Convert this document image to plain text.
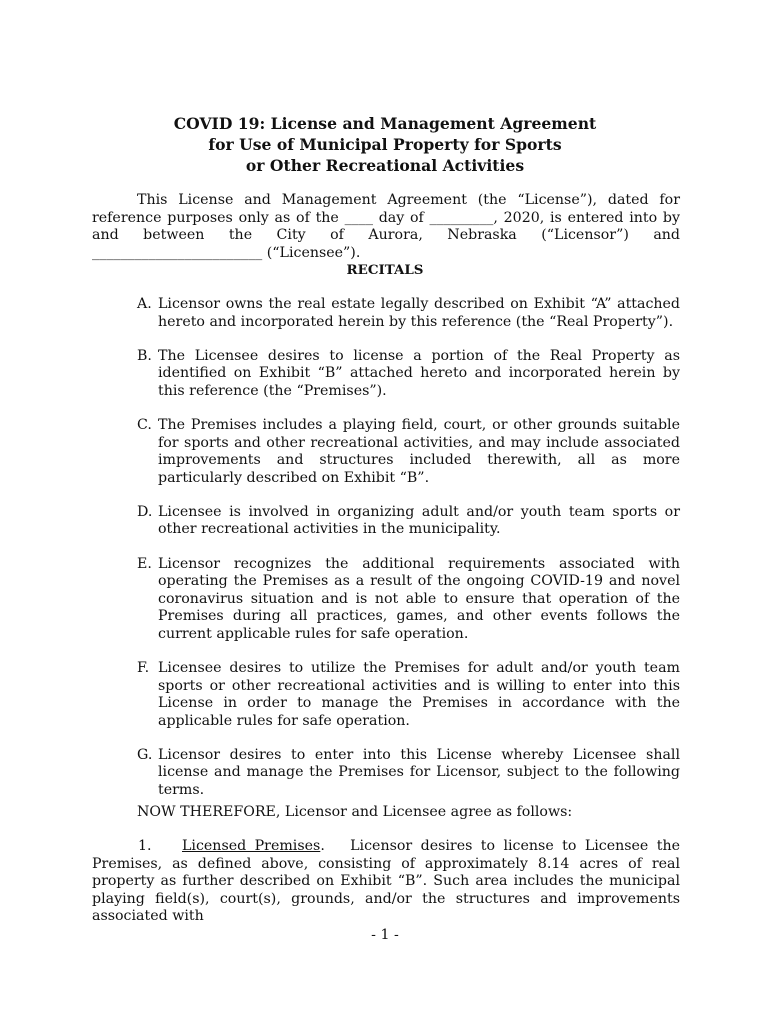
COVID 19: License and Management Agreement
for Use of Municipal Property for Sports
or Other Recreational Activities

This License and Management Agreement (the “License”), dated for reference purposes only as of the ____ day of _________, 2020, is entered into by and between the City of Aurora, Nebraska (“Licensor”) and ________________________ (“Licensee”).

RECITALS
A. Licensor owns the real estate legally described on Exhibit “A” attached hereto and incorporated herein by this reference (the “Real Property”).
B. The Licensee desires to license a portion of the Real Property as identified on Exhibit “B” attached hereto and incorporated herein by this reference (the “Premises”).
C. The Premises includes a playing field, court, or other grounds suitable for sports and other recreational activities, and may include associated improvements and structures included therewith, all as more particularly described on Exhibit “B”.
D. Licensee is involved in organizing adult and/or youth team sports or other recreational activities in the municipality.
E. Licensor recognizes the additional requirements associated with operating the Premises as a result of the ongoing COVID-19 and novel coronavirus situation and is not able to ensure that operation of the Premises during all practices, games, and other events follows the current applicable rules for safe operation.
F. Licensee desires to utilize the Premises for adult and/or youth team sports or other recreational activities and is willing to enter into this License in order to manage the Premises in accordance with the applicable rules for safe operation.
G. Licensor desires to enter into this License whereby Licensee shall license and manage the Premises for Licensor, subject to the following terms.
NOW THEREFORE, Licensor and Licensee agree as follows:

1. Licensed Premises. Licensor desires to license to Licensee the Premises, as defined above, consisting of approximately 8.14 acres of real property as further described on Exhibit “B”. Such area includes the municipal playing field(s), court(s), grounds, and/or the structures and improvements associated with

- 1 -
